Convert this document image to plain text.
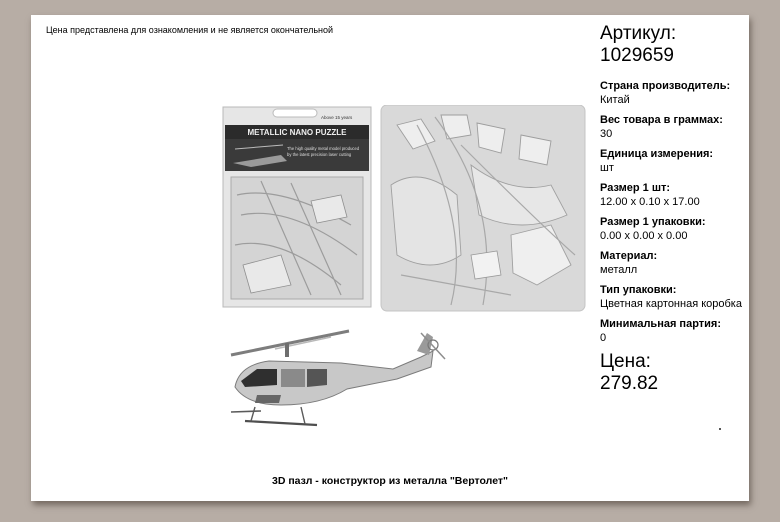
Цена представлена для ознакомления и не является окончательной
Above 15 years
METALLIC NANO PUZZLE
The high quality metal model produced
by the latest precision laser cutting
3D пазл - конструктор из металла "Вертолет"
Артикул:
1029659
Страна производитель:
Китай
Вес товара в граммах:
30
Единица измерения:
шт
Размер 1 шт:
12.00 x 0.10 x 17.00
Размер 1 упаковки:
0.00 x 0.00 x 0.00
Материал:
металл
Тип упаковки:
Цветная картонная коробка
Минимальная партия:
0
Цена:
279.82
